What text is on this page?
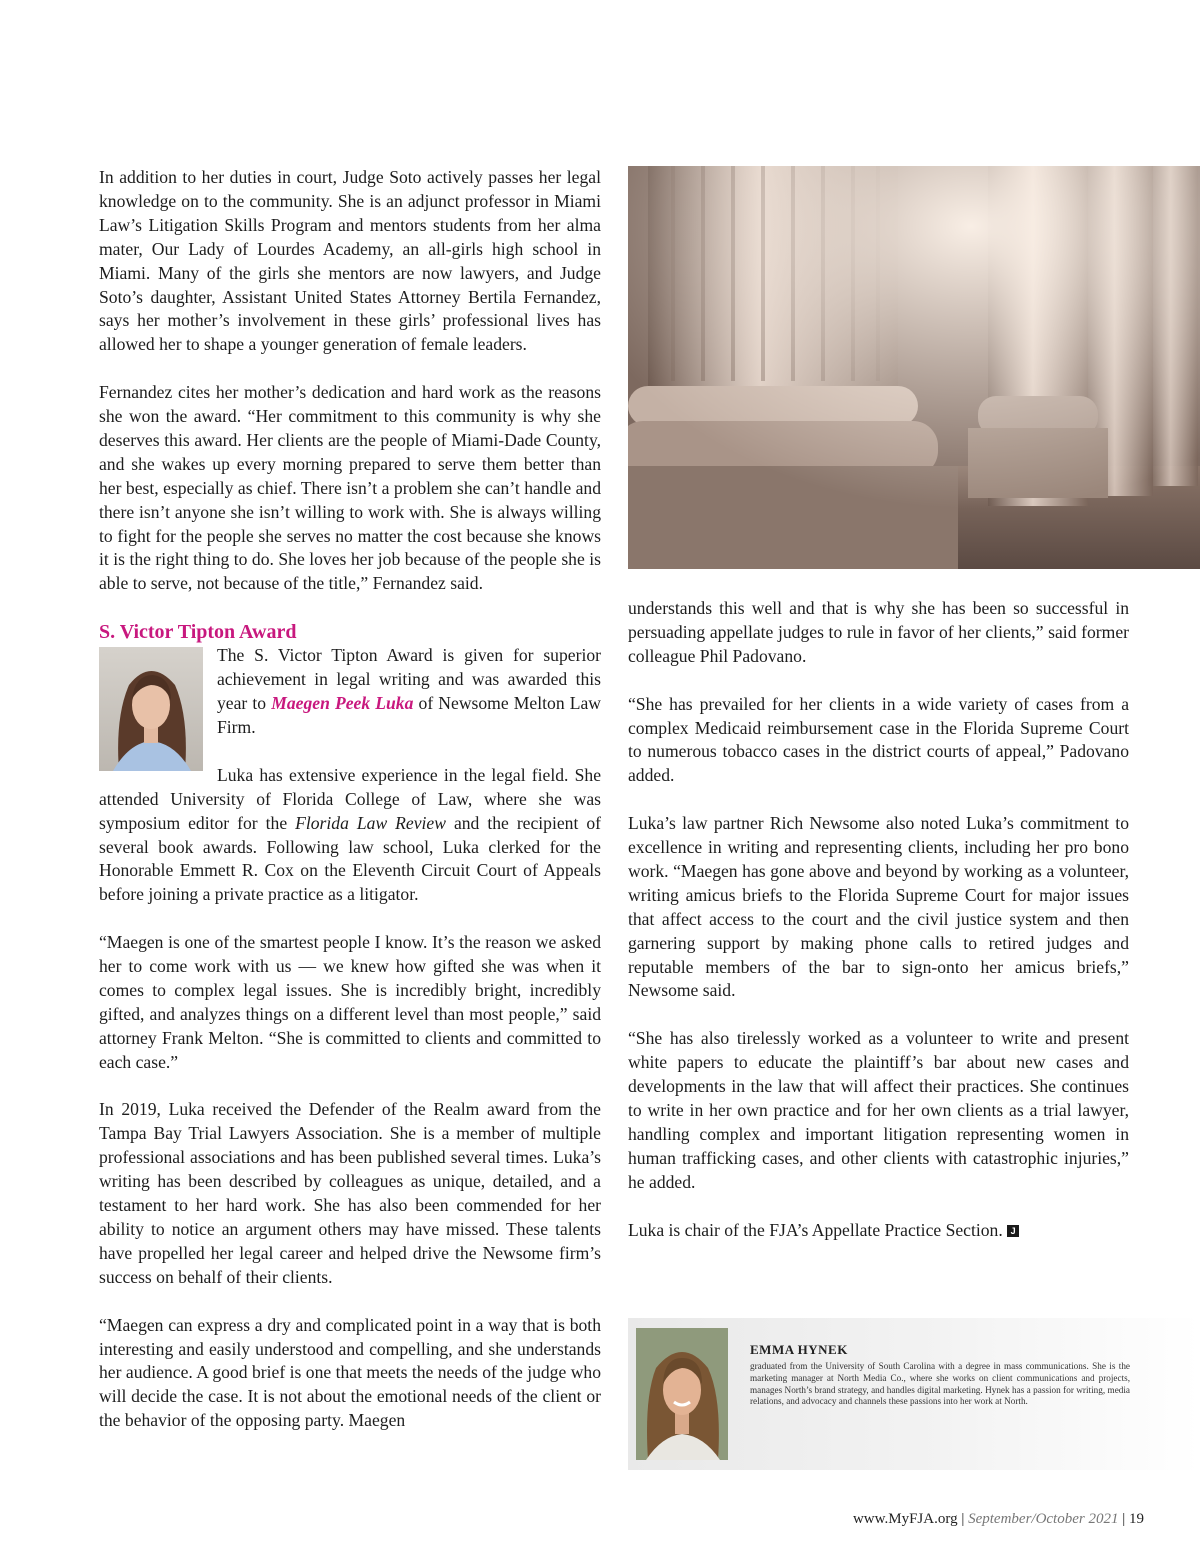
In addition to her duties in court, Judge Soto actively passes her legal knowledge on to the community. She is an adjunct professor in Miami Law’s Litigation Skills Program and mentors students from her alma mater, Our Lady of Lourdes Academy, an all-girls high school in Miami. Many of the girls she mentors are now lawyers, and Judge Soto’s daughter, Assistant United States Attorney Bertila Fernandez, says her mother’s involvement in these girls’ professional lives has allowed her to shape a younger generation of female leaders.

Fernandez cites her mother’s dedication and hard work as the reasons she won the award. “Her commitment to this community is why she deserves this award. Her clients are the people of Miami-Dade County, and she wakes up every morning prepared to serve them better than her best, especially as chief. There isn’t a problem she can’t handle and there isn’t anyone she isn’t willing to work with. She is always willing to fight for the people she serves no matter the cost because she knows it is the right thing to do. She loves her job because of the people she is able to serve, not because of the title,” Fernandez said.

S. Victor Tipton Award

The S. Victor Tipton Award is given for superior achievement in legal writing and was awarded this year to Maegen Peek Luka of Newsome Melton Law Firm.

Luka has extensive experience in the legal field. She attended University of Florida College of Law, where she was symposium editor for the Florida Law Review and the recipient of several book awards. Following law school, Luka clerked for the Honorable Emmett R. Cox on the Eleventh Circuit Court of Appeals before joining a private practice as a litigator.

“Maegen is one of the smartest people I know. It’s the reason we asked her to come work with us — we knew how gifted she was when it comes to complex legal issues. She is incredibly bright, incredibly gifted, and analyzes things on a different level than most people,” said attorney Frank Melton. “She is committed to clients and committed to each case.”

In 2019, Luka received the Defender of the Realm award from the Tampa Bay Trial Lawyers Association. She is a member of multiple professional associations and has been published several times. Luka’s writing has been described by colleagues as unique, detailed, and a testament to her hard work. She has also been commended for her ability to notice an argument others may have missed. These talents have propelled her legal career and helped drive the Newsome firm’s success on behalf of their clients.

“Maegen can express a dry and complicated point in a way that is both interesting and easily understood and compelling, and she understands her audience. A good brief is one that meets the needs of the judge who will decide the case. It is not about the emotional needs of the client or the behavior of the opposing party. Maegen

understands this well and that is why she has been so successful in persuading appellate judges to rule in favor of her clients,” said former colleague Phil Padovano.

“She has prevailed for her clients in a wide variety of cases from a complex Medicaid reimbursement case in the Florida Supreme Court to numerous tobacco cases in the district courts of appeal,” Padovano added.

Luka’s law partner Rich Newsome also noted Luka’s commitment to excellence in writing and representing clients, including her pro bono work. “Maegen has gone above and beyond by working as a volunteer, writing amicus briefs to the Florida Supreme Court for major issues that affect access to the court and the civil justice system and then garnering support by making phone calls to retired judges and reputable members of the bar to sign-onto her amicus briefs,” Newsome said.

“She has also tirelessly worked as a volunteer to write and present white papers to educate the plaintiff’s bar about new cases and developments in the law that will affect their practices. She continues to write in her own practice and for her own clients as a trial lawyer, handling complex and important litigation representing women in human trafficking cases, and other clients with catastrophic injuries,” he added.

Luka is chair of the FJA’s Appellate Practice Section. J

EMMA HYNEK

graduated from the University of South Carolina with a degree in mass communications. She is the marketing manager at North Media Co., where she works on client communications and projects, manages North’s brand strategy, and handles digital marketing. Hynek has a passion for writing, media relations, and advocacy and channels these passions into her work at North.

www.MyFJA.org | September/October 2021 | 19
